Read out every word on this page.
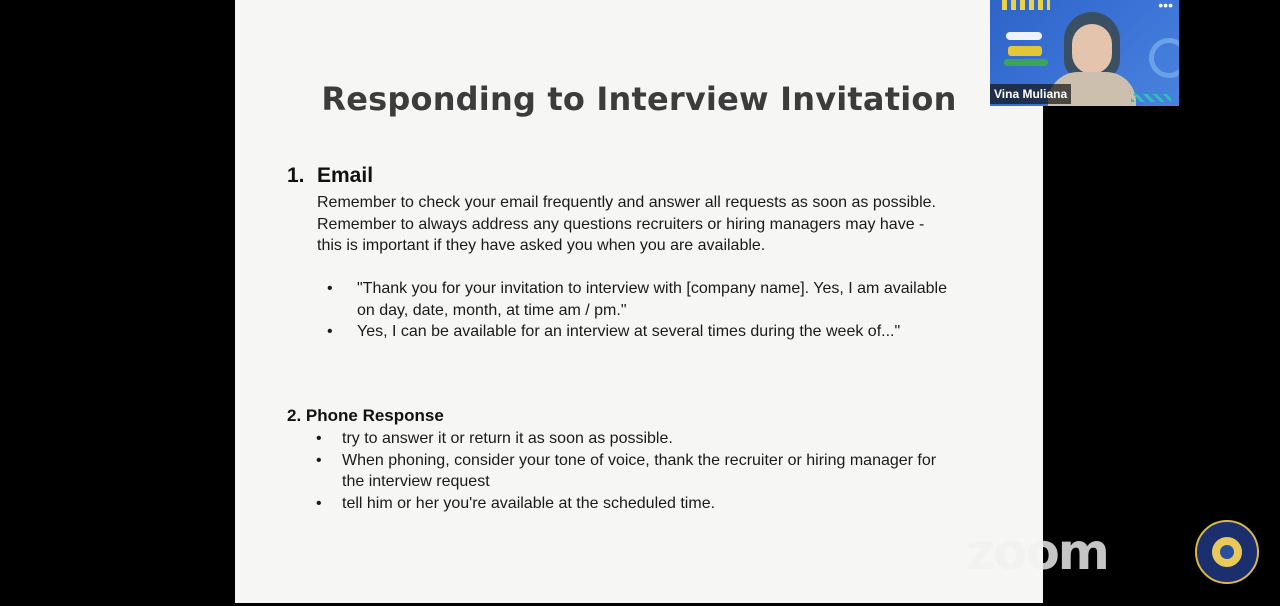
Responding to Interview Invitation
1. Email
Remember to check your email frequently and answer all requests as soon as possible. Remember to always address any questions recruiters or hiring managers may have - this is important if they have asked you when you are available.
• "Thank you for your invitation to interview with [company name]. Yes, I am available on day, date, month, at time am / pm."
• Yes, I can be available for an interview at several times during the week of..."
2. Phone Response
• try to answer it or return it as soon as possible.
• When phoning, consider your tone of voice, thank the recruiter or hiring manager for the interview request
• tell him or her you're available at the scheduled time.
•••
Vina Muliana
zoom
